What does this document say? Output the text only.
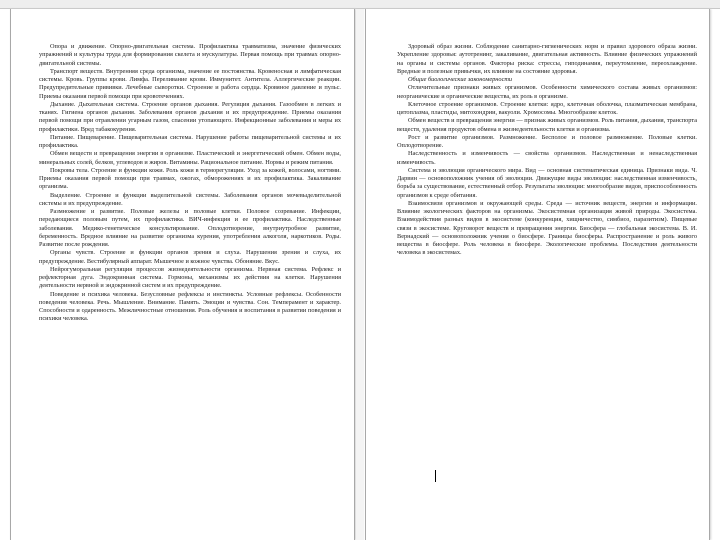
Опора и движение. Опорно-двигательная система. Профилактика травматизма, значение физических упражнений и культуры труда для формирования скелета и мускулатуры. Первая помощь при травмах опорно-двигательной системы.

Транспорт веществ. Внутренняя среда организма, значение ее постоянства. Кровеносная и лимфатическая системы. Кровь. Группы крови. Лимфа. Переливание крови. Иммунитет. Антитела. Аллергические реакции. Предупредительные прививки. Лечебные сыворотки. Строение и работа сердца. Кровяное давление и пульс. Приемы оказания первой помощи при кровотечениях.

Дыхание. Дыхательная система. Строение органов дыхания. Регуляция дыхания. Газообмен в легких и тканях. Гигиена органов дыхания. Заболевания органов дыхания и их предупреждение. Приемы оказания первой помощи при отравлении угарным газом, спасении утопающего. Инфекционные заболевания и меры их профилактики. Вред табакокурения.

Питание. Пищеварение. Пищеварительная система. Нарушение работы пищеварительной системы и их профилактика.

Обмен веществ и превращения энергии в организме. Пластический и энергетический обмен. Обмен воды, минеральных солей, белков, углеводов и жиров. Витамины. Рациональное питание. Нормы и режим питания.

Покровы тела. Строение и функции кожи. Роль кожи в терморегуляции. Уход за кожей, волосами, ногтями. Приемы оказания первой помощи при травмах, ожогах, обморожениях и их профилактика. Закаливание организма.

Выделение. Строение и функции выделительной системы. Заболевания органов мочевыделительной системы и их предупреждение.

Размножение и развитие. Половые железы и половые клетки. Половое созревание. Инфекции, передающиеся половым путем, их профилактика. ВИЧ-инфекция и ее профилактика. Наследственные заболевания. Медико-генетическое консультирование. Оплодотворение, внутриутробное развитие, беременность. Вредное влияние на развитие организма курения, употребления алкоголя, наркотиков. Роды. Развитие после рождения.

Органы чувств. Строение и функции органов зрения и слуха. Нарушения зрения и слуха, их предупреждение. Вестибулярный аппарат. Мышечное и кожное чувства. Обоняние. Вкус.

Нейрогуморальная регуляция процессов жизнедеятельности организма. Нервная система. Рефлекс и рефлекторная дуга. Эндокринная система. Гормоны, механизмы их действия на клетки. Нарушения деятельности нервной и эндокринной систем и их предупреждение.

Поведение и психика человека. Безусловные рефлексы и инстинкты. Условные рефлексы. Особенности поведения человека. Речь. Мышление. Внимание. Память. Эмоции и чувства. Сон. Темперамент и характер. Способности и одаренность. Межличностные отношения. Роль обучения и воспитания в развитии поведения и психики человека.

Здоровый образ жизни. Соблюдение санитарно-гигиенических норм и правил здорового образа жизни. Укрепление здоровья: аутотренинг, закаливание, двигательная активность. Влияние физических упражнений на органы и системы органов. Факторы риска: стрессы, гиподинамия, переутомление, переохлаждение. Вредные и полезные привычки, их влияние на состояние здоровья.

Общие биологические закономерности

Отличительные признаки живых организмов. Особенности химического состава живых организмов: неорганические и органические вещества, их роль в организме.

Клеточное строение организмов. Строение клетки: ядро, клеточная оболочка, плазматическая мембрана, цитоплазма, пластиды, митохондрии, вакуоли. Хромосомы. Многообразие клеток.

Обмен веществ и превращения энергии — признак живых организмов. Роль питания, дыхания, транспорта веществ, удаления продуктов обмена в жизнедеятельности клетки и организма.

Рост и развитие организмов. Размножение. Бесполое и половое размножение. Половые клетки. Оплодотворение.

Наследственность и изменчивость — свойства организмов. Наследственная и ненаследственная изменчивость.

Система и эволюция органического мира. Вид — основная систематическая единица. Признаки вида. Ч. Дарвин — основоположник учения об эволюции. Движущие виды эволюции: наследственная изменчивость, борьба за существование, естественный отбор. Результаты эволюции: многообразие видов, приспособленность организмов к среде обитания.

Взаимосвязи организмов и окружающей среды. Среда — источник веществ, энергии и информации. Влияние экологических факторов на организмы. Экосистемная организация живой природы. Экосистема. Взаимодействия разных видов в экосистеме (конкуренция, хищничество, симбиоз, паразитизм). Пищевые связи в экосистеме. Круговорот веществ и превращения энергии. Биосфера — глобальная экосистема. В. И. Вернадский — основоположник учения о биосфере. Границы биосферы. Распространение и роль живого вещества в биосфере. Роль человека в биосфере. Экологические проблемы. Последствия деятельности человека в экосистемах.
